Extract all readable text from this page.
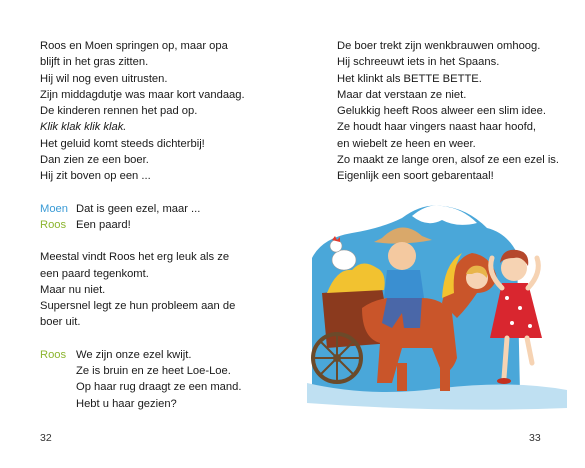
Roos en Moen springen op, maar opa
blijft in het gras zitten.
Hij wil nog even uitrusten.
Zijn middagdutje was maar kort vandaag.
De kinderen rennen het pad op.
Klik klak klik klak.
Het geluid komt steeds dichterbij!
Dan zien ze een boer.
Hij zit boven op een ...
Moen Dat is geen ezel, maar ...
Roos Een paard!
Meestal vindt Roos het erg leuk als ze
een paard tegenkomt.
Maar nu niet.
Supersnel legt ze hun probleem aan de
boer uit.
Roos We zijn onze ezel kwijt.
Ze is bruin en ze heet Loe-Loe.
Op haar rug draagt ze een mand.
Hebt u haar gezien?
32
De boer trekt zijn wenkbrauwen omhoog.
Hij schreeuwt iets in het Spaans.
Het klinkt als BETTE BETTE.
Maar dat verstaan ze niet.
Gelukkig heeft Roos alweer een slim idee.
Ze houdt haar vingers naast haar hoofd,
en wiebelt ze heen en weer.
Zo maakt ze lange oren, alsof ze een ezel is.
Eigenlijk een soort gebarentaal!
33
